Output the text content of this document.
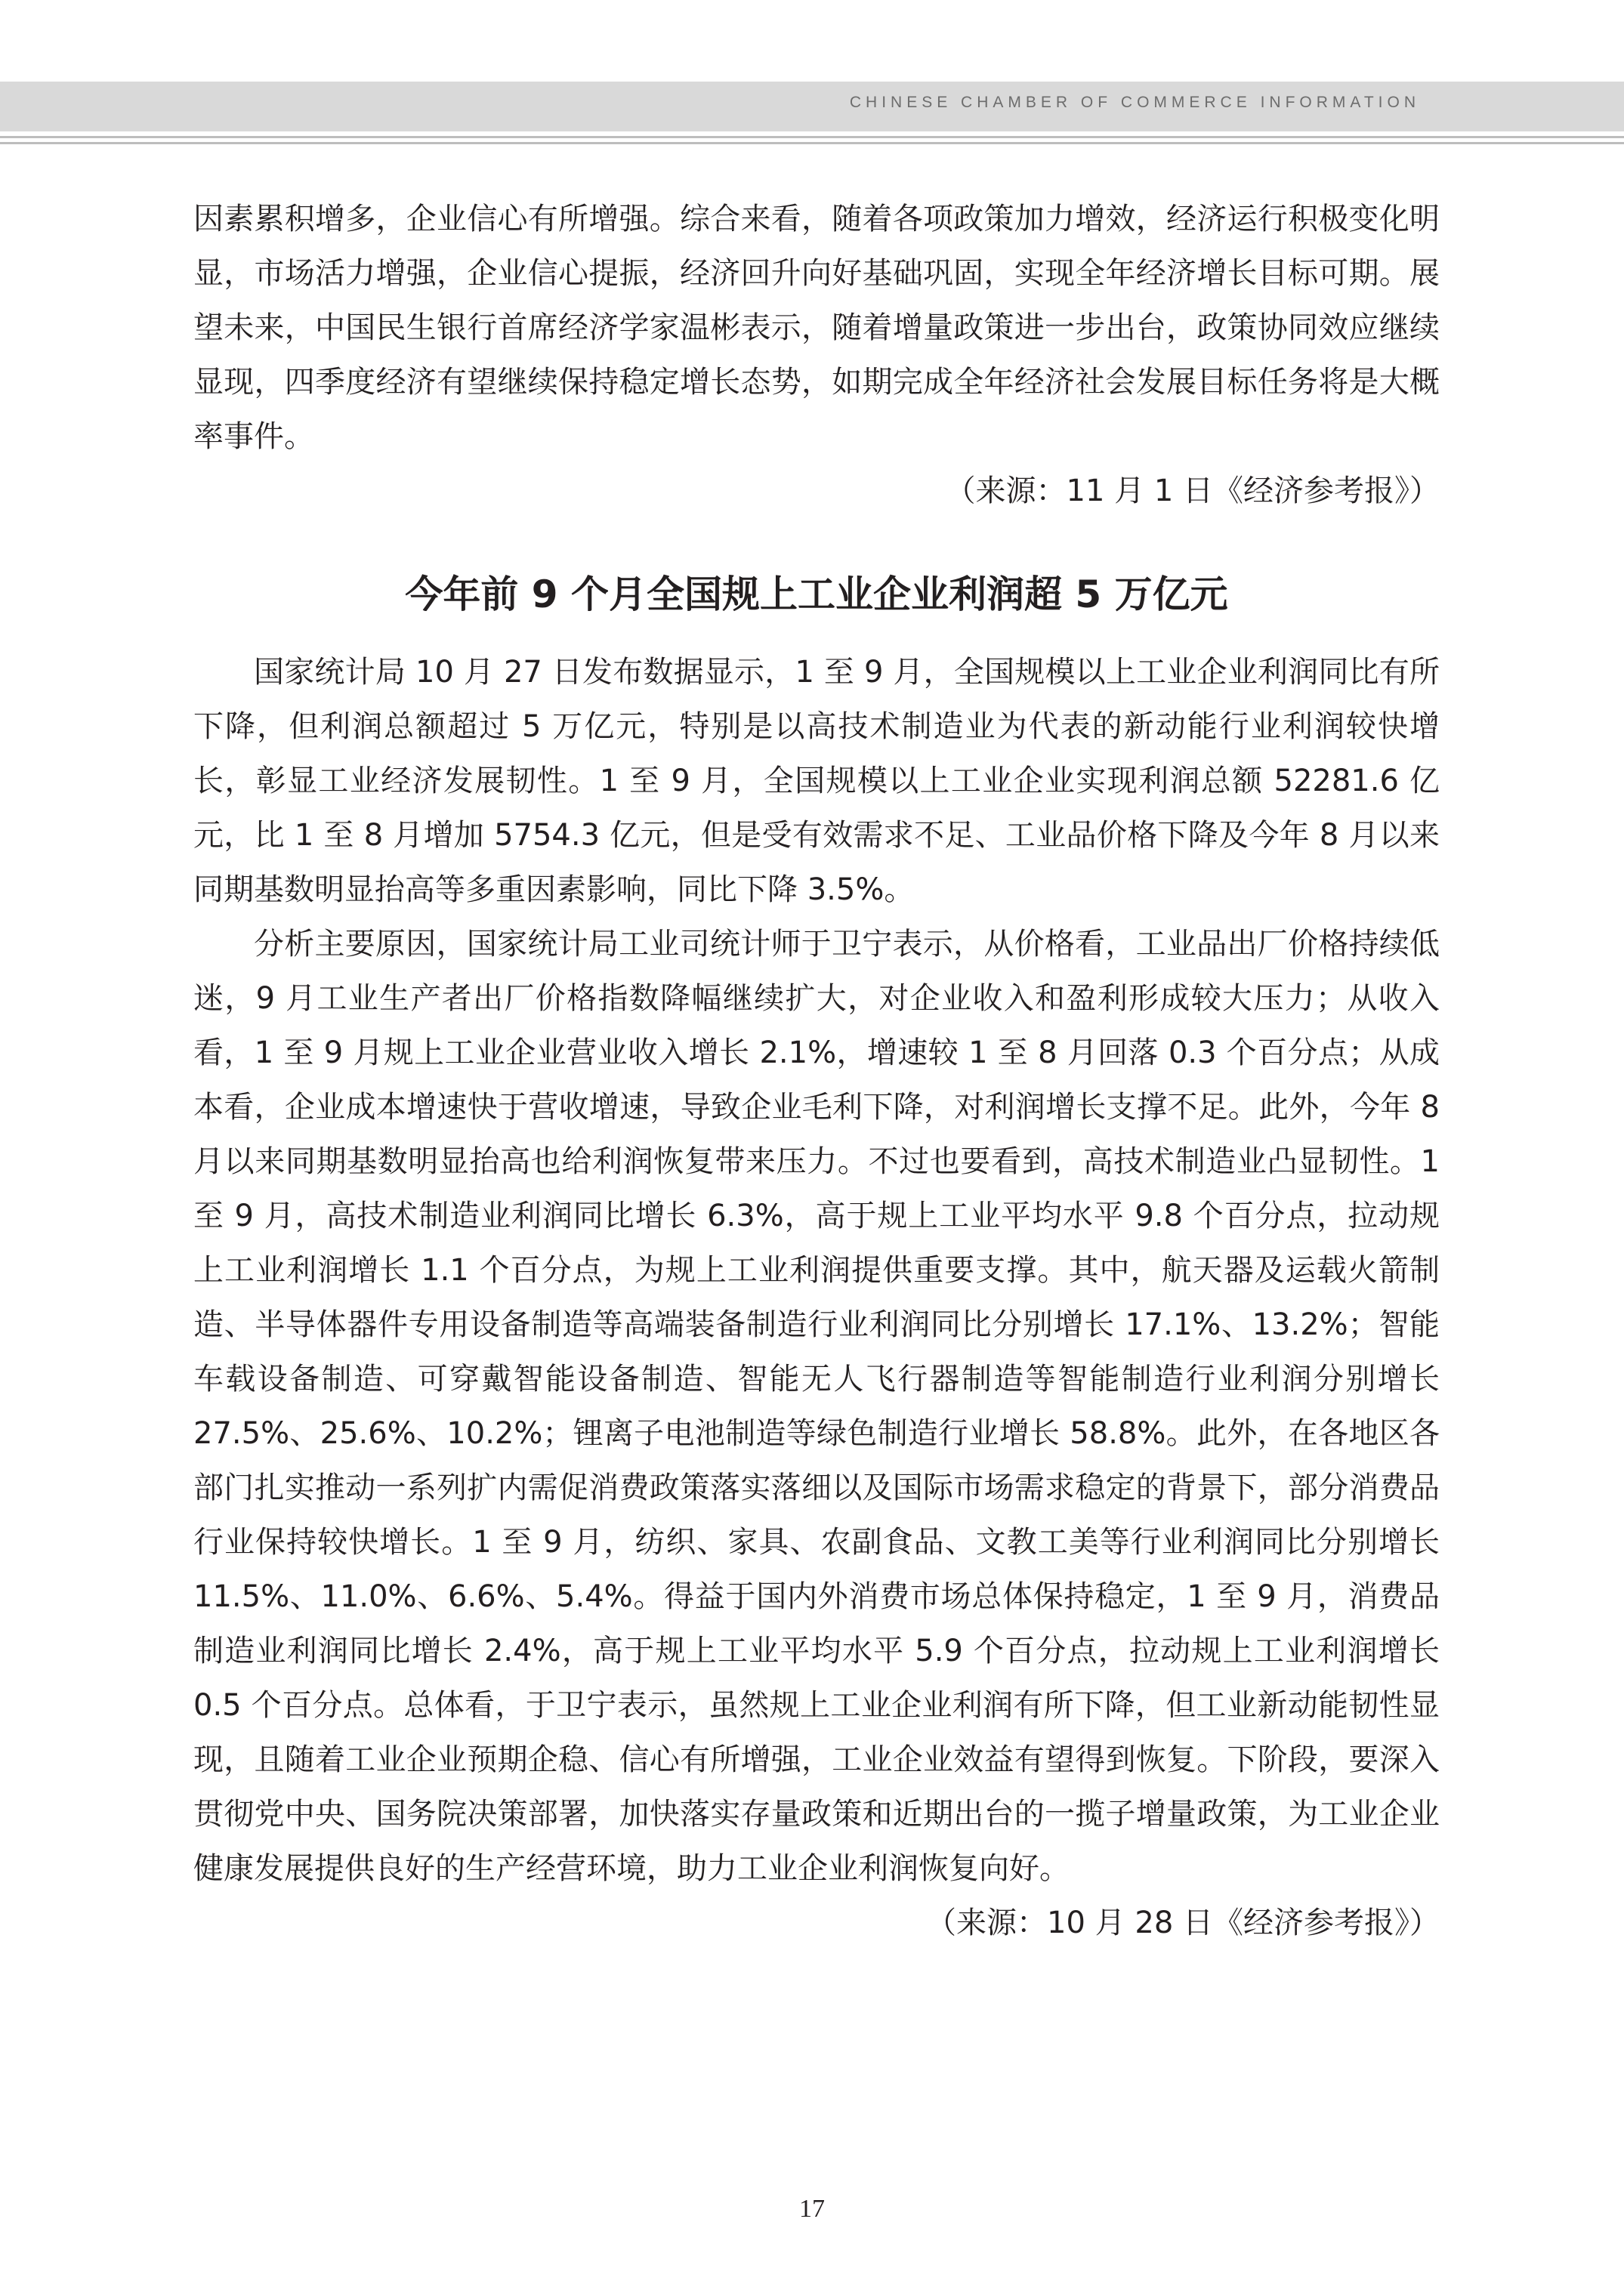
CHINESE CHAMBER OF COMMERCE INFORMATION

因素累积增多，企业信心有所增强。综合来看，随着各项政策加力增效，经济运行积极变化明显，市场活力增强，企业信心提振，经济回升向好基础巩固，实现全年经济增长目标可期。展望未来，中国民生银行首席经济学家温彬表示，随着增量政策进一步出台，政策协同效应继续显现，四季度经济有望继续保持稳定增长态势，如期完成全年经济社会发展目标任务将是大概率事件。

（来源：11 月 1 日《经济参考报》）

今年前 9 个月全国规上工业企业利润超 5 万亿元

国家统计局 10 月 27 日发布数据显示，1 至 9 月，全国规模以上工业企业利润同比有所下降，但利润总额超过 5 万亿元，特别是以高技术制造业为代表的新动能行业利润较快增长，彰显工业经济发展韧性。1 至 9 月，全国规模以上工业企业实现利润总额 52281.6 亿元，比 1 至 8 月增加 5754.3 亿元，但是受有效需求不足、工业品价格下降及今年 8 月以来同期基数明显抬高等多重因素影响，同比下降 3.5%。

分析主要原因，国家统计局工业司统计师于卫宁表示，从价格看，工业品出厂价格持续低迷，9 月工业生产者出厂价格指数降幅继续扩大，对企业收入和盈利形成较大压力；从收入看，1 至 9 月规上工业企业营业收入增长 2.1%，增速较 1 至 8 月回落 0.3 个百分点；从成本看，企业成本增速快于营收增速，导致企业毛利下降，对利润增长支撑不足。此外，今年 8 月以来同期基数明显抬高也给利润恢复带来压力。不过也要看到，高技术制造业凸显韧性。1 至 9 月，高技术制造业利润同比增长 6.3%，高于规上工业平均水平 9.8 个百分点，拉动规上工业利润增长 1.1 个百分点，为规上工业利润提供重要支撑。其中，航天器及运载火箭制造、半导体器件专用设备制造等高端装备制造行业利润同比分别增长 17.1%、13.2%；智能车载设备制造、可穿戴智能设备制造、智能无人飞行器制造等智能制造行业利润分别增长 27.5%、25.6%、10.2%；锂离子电池制造等绿色制造行业增长 58.8%。此外，在各地区各部门扎实推动一系列扩内需促消费政策落实落细以及国际市场需求稳定的背景下，部分消费品行业保持较快增长。1 至 9 月，纺织、家具、农副食品、文教工美等行业利润同比分别增长 11.5%、11.0%、6.6%、5.4%。得益于国内外消费市场总体保持稳定，1 至 9 月，消费品制造业利润同比增长 2.4%，高于规上工业平均水平 5.9 个百分点，拉动规上工业利润增长 0.5 个百分点。总体看，于卫宁表示，虽然规上工业企业利润有所下降，但工业新动能韧性显现，且随着工业企业预期企稳、信心有所增强，工业企业效益有望得到恢复。下阶段，要深入贯彻党中央、国务院决策部署，加快落实存量政策和近期出台的一揽子增量政策，为工业企业健康发展提供良好的生产经营环境，助力工业企业利润恢复向好。

（来源：10 月 28 日《经济参考报》）

17
